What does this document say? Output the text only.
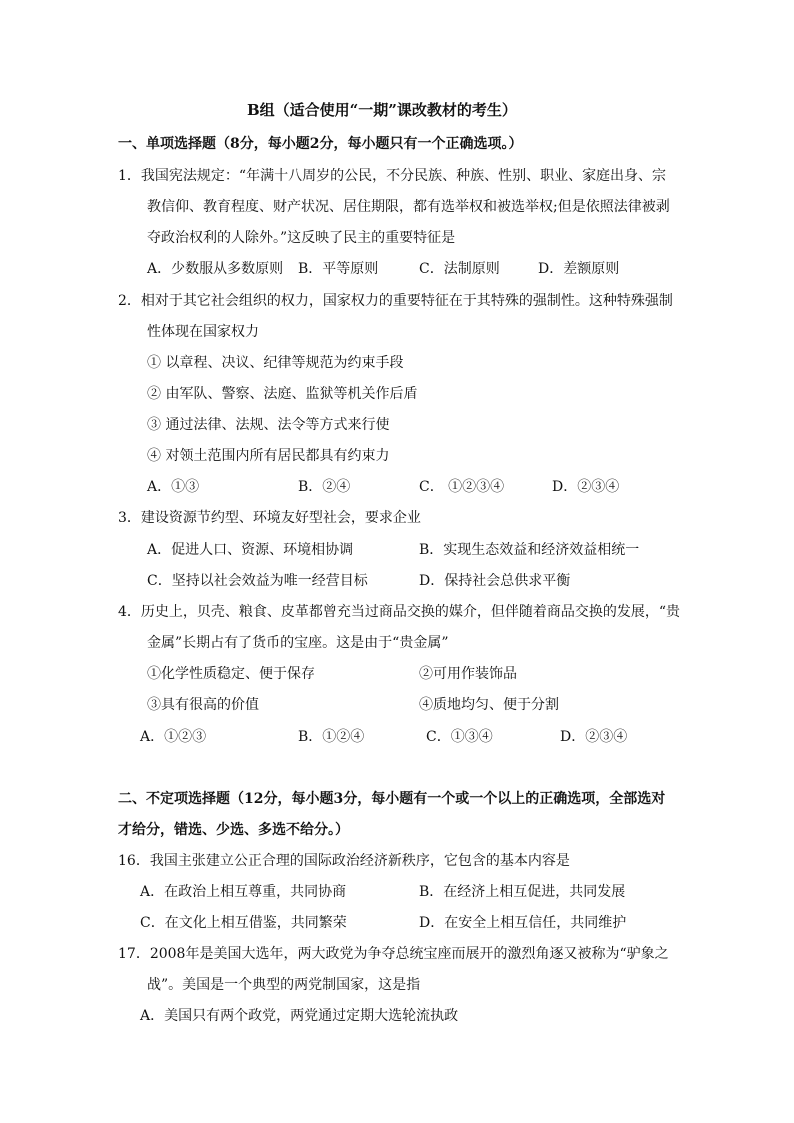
B组（适合使用“一期”课改教材的考生）
一、单项选择题（8分，每小题2分，每小题只有一个正确选项。）
1．我国宪法规定：“年满十八周岁的公民，不分民族、种族、性别、职业、家庭出身、宗
教信仰、教育程度、财产状况、居住期限，都有选举权和被选举权;但是依照法律被剥
夺政治权利的人除外。”这反映了民主的重要特征是
A．少数服从多数原则 B．平等原则	C．法制原则	D．差额原则
2．相对于其它社会组织的权力，国家权力的重要特征在于其特殊的强制性。这种特殊强制
性体现在国家权力
① 以章程、决议、纪律等规范为约束手段
② 由军队、警察、法庭、监狱等机关作后盾
③ 通过法律、法规、法令等方式来行使
④ 对领土范围内所有居民都具有约束力
A．①③	B．②④	C． ①②③④	D．②③④
3．建设资源节约型、环境友好型社会，要求企业
A．促进人口、资源、环境相协调	B．实现生态效益和经济效益相统一
C．坚持以社会效益为唯一经营目标	D．保持社会总供求平衡
4．历史上，贝壳、粮食、皮革都曾充当过商品交换的媒介，但伴随着商品交换的发展，“贵
金属”长期占有了货币的宝座。这是由于“贵金属”
①化学性质稳定、便于保存	②可用作装饰品
③具有很高的价值	④质地均匀、便于分割
A．①②③	B．①②④	C．①③④	D．②③④
二、不定项选择题（12分，每小题3分，每小题有一个或一个以上的正确选项，全部选对
才给分，错选、少选、多选不给分。）
16．我国主张建立公正合理的国际政治经济新秩序，它包含的基本内容是
A．在政治上相互尊重，共同协商	B．在经济上相互促进，共同发展
C．在文化上相互借鉴，共同繁荣	D．在安全上相互信任，共同维护
17．2008年是美国大选年，两大政党为争夺总统宝座而展开的激烈角逐又被称为“驴象之
战”。美国是一个典型的两党制国家，这是指
A．美国只有两个政党，两党通过定期大选轮流执政
